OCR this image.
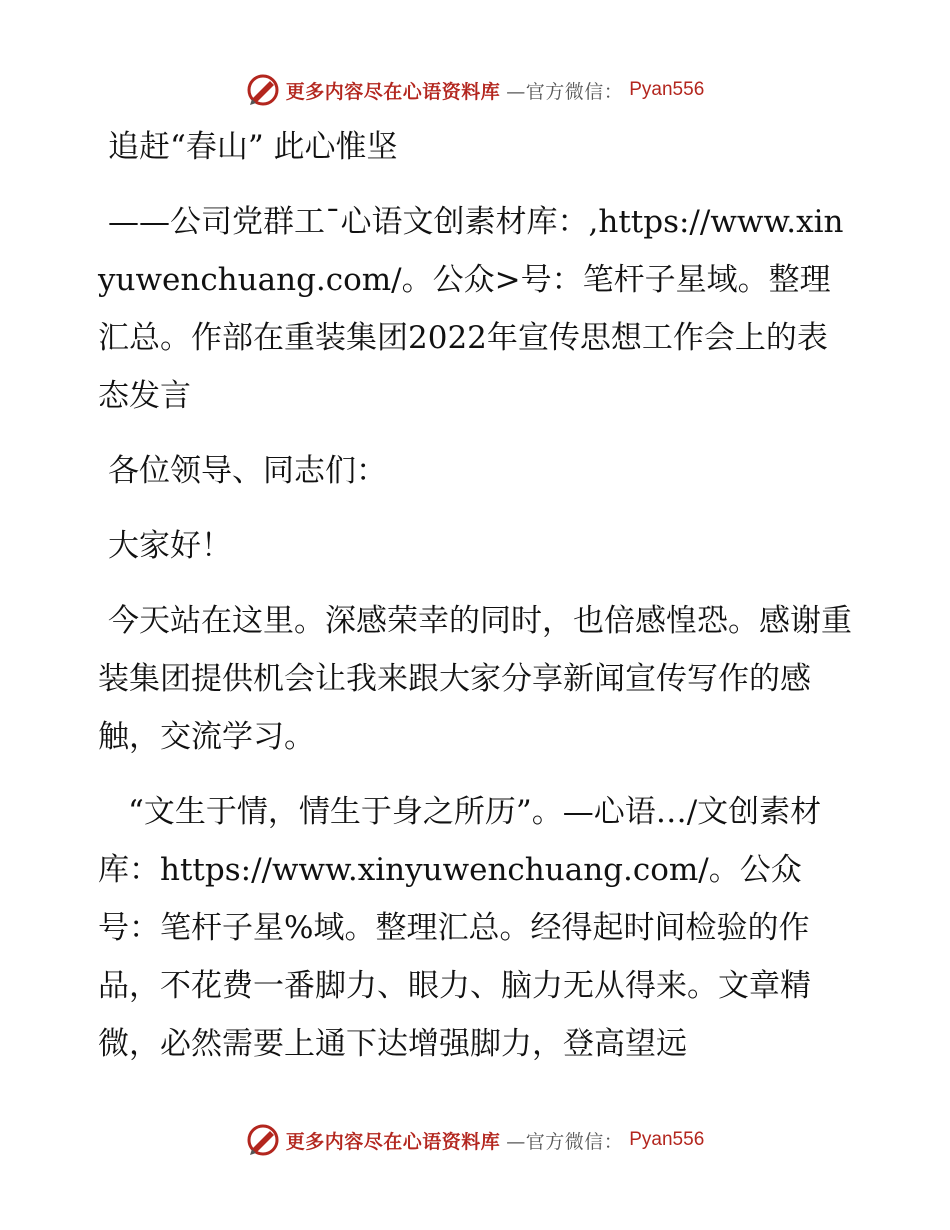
更多内容尽在心语资料库 —官方微信： Pyan556

追赶“春山” 此心惟坚

——公司党群工¯心语文创素材库：,https://www.xinyuwenchuang.com/。公众>号：笔杆子星域。整理汇总。作部在重装集团2022年宣传思想工作会上的表态发言

各位领导、同志们：

大家好！

今天站在这里。深感荣幸的同时，也倍感惶恐。感谢重装集团提供机会让我来跟大家分享新闻宣传写作的感触，交流学习。

“文生于情，情生于身之所历”。—心语…/文创素材库：https://www.xinyuwenchuang.com/。公众号：笔杆子星%域。整理汇总。经得起时间检验的作品，不花费一番脚力、眼力、脑力无从得来。文章精微，必然需要上通下达增强脚力，登高望远

更多内容尽在心语资料库 —官方微信： Pyan556
